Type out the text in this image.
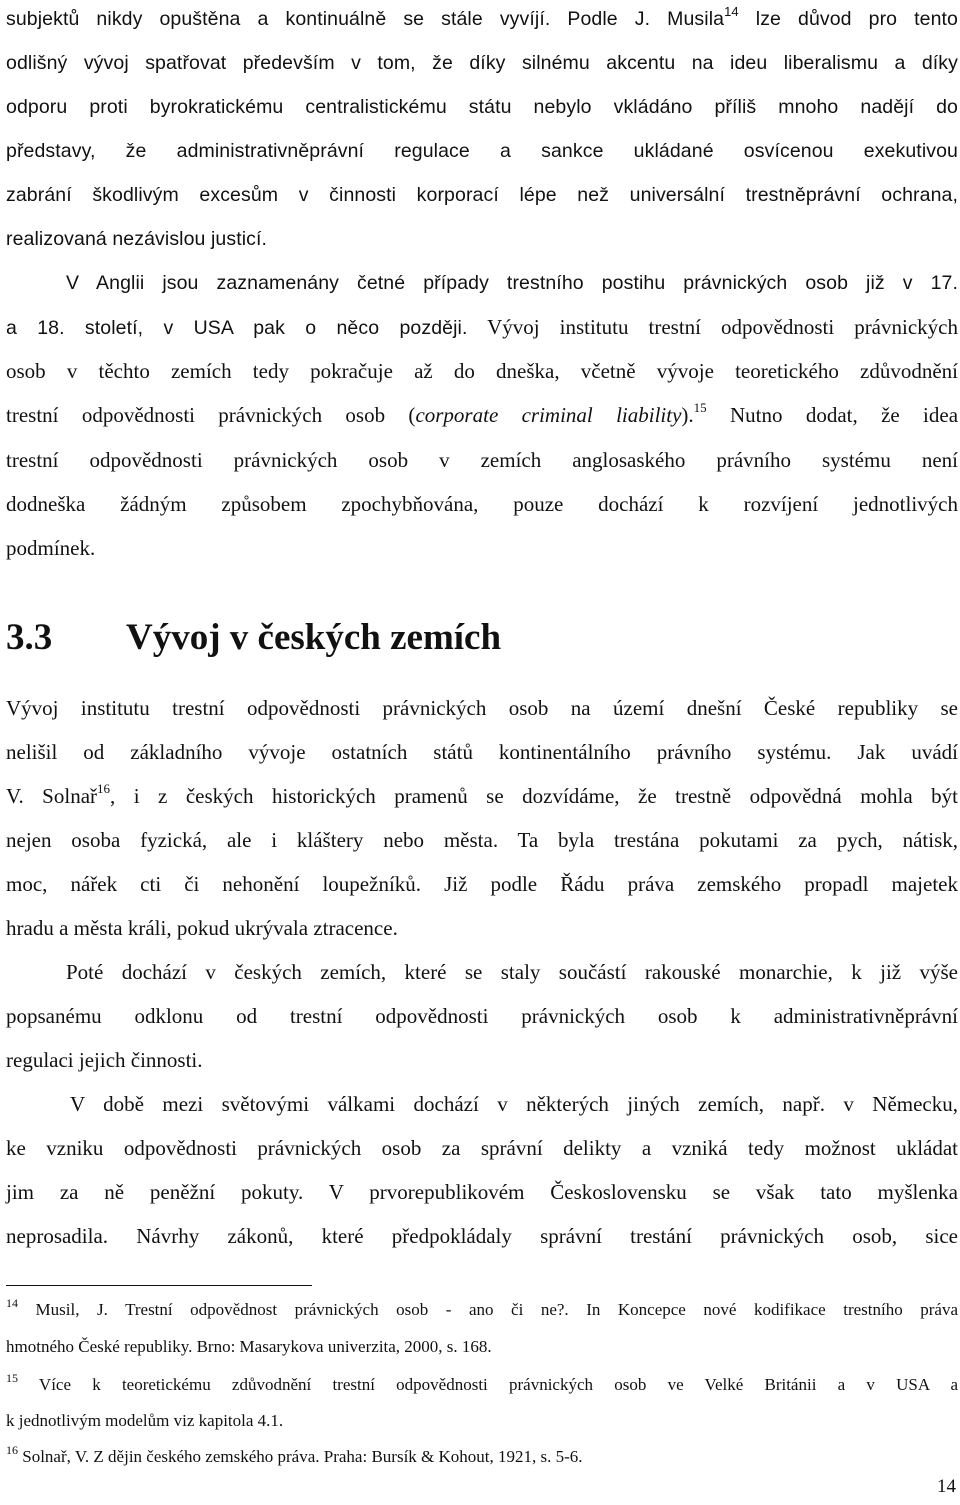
subjektů nikdy opuštěna a kontinuálně se stále vyvíjí. Podle J. Musila$^{14}$ lze důvod pro tento
odlišný vývoj spatřovat především v tom, že díky silnému akcentu na ideu liberalismu a díky
odporu proti byrokratickému centralistickému státu nebylo vkládáno příliš mnoho nadějí do
představy, že administrativněprávní regulace a sankce ukládané osvícenou exekutivou
zabrání škodlivým excesům v činnosti korporací lépe než universální trestněprávní ochrana,
realizovaná nezávislou justicí.
V Anglii jsou zaznamenány četné případy trestního postihu právnických osob již v 17.
a 18. století, v USA pak o něco později. Vývoj institutu trestní odpovědnosti právnických
osob v těchto zemích tedy pokračuje až do dneška, včetně vývoje teoretického zdůvodnění
trestní odpovědnosti právnických osob (corporate criminal liability).$^{15}$ Nutno dodat, že idea
trestní odpovědnosti právnických osob v zemích anglosaského právního systému není
dodneška žádným způsobem zpochybňována, pouze dochází k rozvíjení jednotlivých
podmínek.
3.3 Vývoj v českých zemích
Vývoj institutu trestní odpovědnosti právnických osob na území dnešní České republiky se
nelišil od základního vývoje ostatních států kontinentálního právního systému. Jak uvádí
V. Solnař$^{16}$, i z českých historických pramenů se dozvídáme, že trestně odpovědná mohla být
nejen osoba fyzická, ale i kláštery nebo města. Ta byla trestána pokutami za pych, nátisk,
moc, nářek cti či nehonění loupežníků. Již podle Řádu práva zemského propadl majetek
hradu a města králi, pokud ukrývala ztracence.
Poté dochází v českých zemích, které se staly součástí rakouské monarchie, k již výše
popsanému odklonu od trestní odpovědnosti právnických osob k administrativněprávní
regulaci jejich činnosti.
V době mezi světovými válkami dochází v některých jiných zemích, např. v Německu,
ke vzniku odpovědnosti právnických osob za správní delikty a vzniká tedy možnost ukládat
jim za ně peněžní pokuty. V prvorepublikovém Československu se však tato myšlenka
neprosadila. Návrhy zákonů, které předpokládaly správní trestání právnických osob, sice
$^{14}$ Musil, J. Trestní odpovědnost právnických osob - ano či ne?. In Koncepce nové kodifikace trestního práva
hmotného České republiky. Brno: Masarykova univerzita, 2000, s. 168.
$^{15}$ Více k teoretickému zdůvodnění trestní odpovědnosti právnických osob ve Velké Británii a v USA a
k jednotlivým modelům viz kapitola 4.1.
$^{16}$ Solnař, V. Z dějin českého zemského práva. Praha: Bursík & Kohout, 1921, s. 5-6.
14
